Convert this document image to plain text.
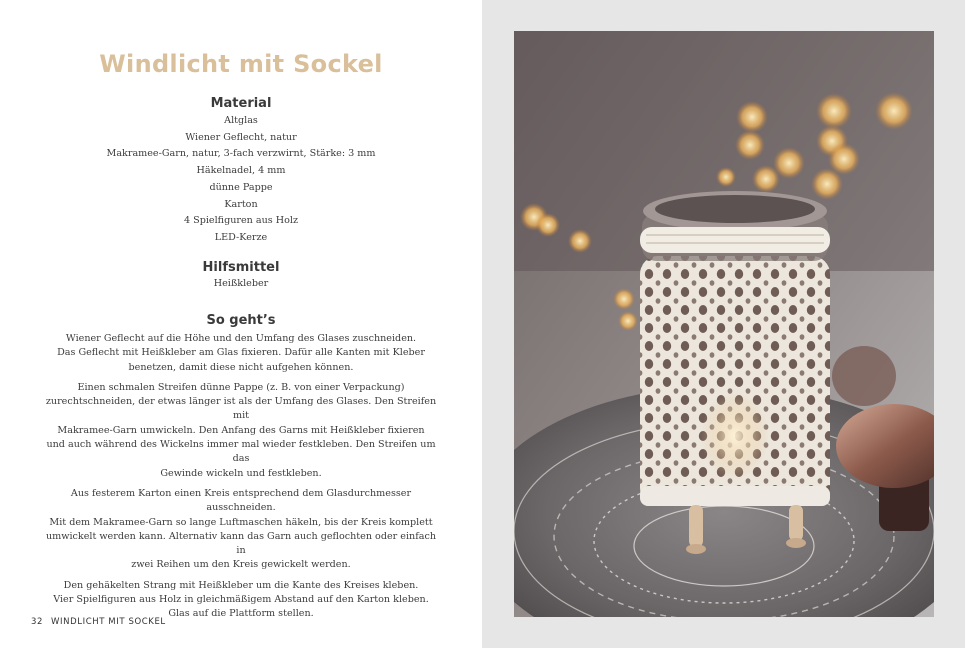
Windlicht mit Sockel
Material
Altglas
Wiener Geflecht, natur
Makramee-Garn, natur, 3-fach verzwirnt, Stärke: 3 mm
Häkelnadel, 4 mm
dünne Pappe
Karton
4 Spielfiguren aus Holz
LED-Kerze
Hilfsmittel
Heißkleber
So geht’s

Wiener Geflecht auf die Höhe und den Umfang des Glases zuschneiden.

Das Geflecht mit Heißkleber am Glas fixieren. Dafür alle Kanten mit Kleber

benetzen, damit diese nicht aufgehen können.

Einen schmalen Streifen dünne Pappe (z. B. von einer Verpackung)

zurechtschneiden, der etwas länger ist als der Umfang des Glases. Den Streifen mit

Makramee-Garn umwickeln. Den Anfang des Garns mit Heißkleber fixieren

und auch während des Wickelns immer mal wieder festkleben. Den Streifen um das

Gewinde wickeln und festkleben.

Aus festerem Karton einen Kreis entsprechend dem Glasdurchmesser ausschneiden.

Mit dem Makramee-Garn so lange Luftmaschen häkeln, bis der Kreis komplett

umwickelt werden kann. Alternativ kann das Garn auch geflochten oder einfach in

zwei Reihen um den Kreis gewickelt werden.

Den gehäkelten Strang mit Heißkleber um die Kante des Kreises kleben.

Vier Spielfiguren aus Holz in gleichmäßigem Abstand auf den Karton kleben.

Glas auf die Plattform stellen.

32 WINDLICHT MIT SOCKEL
